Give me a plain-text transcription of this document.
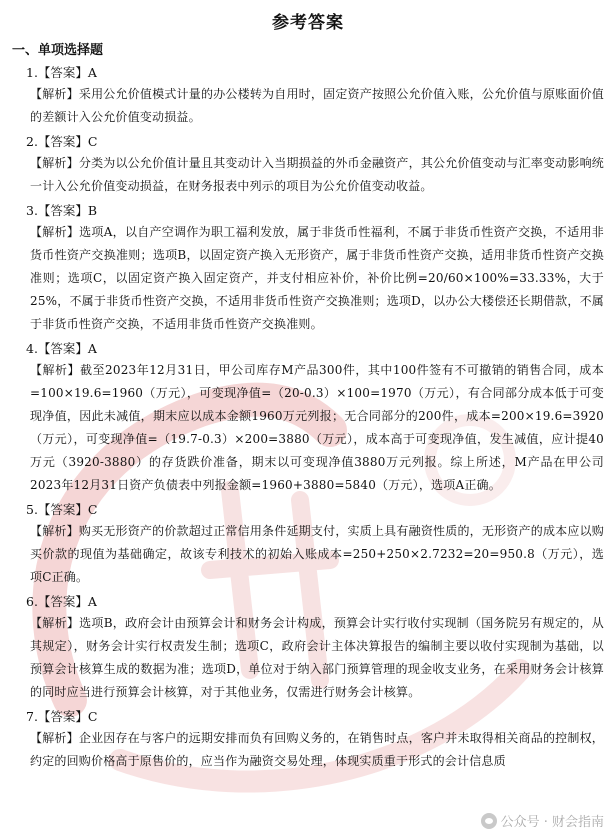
参考答案
一、单项选择题
1.【答案】A
【解析】采用公允价值模式计量的办公楼转为自用时，固定资产按照公允价值入账，公允价值与原账面价值的差额计入公允价值变动损益。
2.【答案】C
【解析】分类为以公允价值计量且其变动计入当期损益的外币金融资产，其公允价值变动与汇率变动影响统一计入公允价值变动损益，在财务报表中列示的项目为公允价值变动收益。
3.【答案】B
【解析】选项A，以自产空调作为职工福利发放，属于非货币性福利，不属于非货币性资产交换，不适用非货币性资产交换准则；选项B，以固定资产换入无形资产，属于非货币性资产交换，适用非货币性资产交换准则；选项C，以固定资产换入固定资产，并支付相应补价，补价比例=20/60×100%=33.33%，大于25%，不属于非货币性资产交换，不适用非货币性资产交换准则；选项D，以办公大楼偿还长期借款，不属于非货币性资产交换，不适用非货币性资产交换准则。
4.【答案】A
【解析】截至2023年12月31日，甲公司库存M产品300件，其中100件签有不可撤销的销售合同，成本=100×19.6=1960（万元），可变现净值=（20-0.3）×100=1970（万元），有合同部分成本低于可变现净值，因此未减值，期末应以成本金额1960万元列报；无合同部分的200件，成本=200×19.6=3920（万元），可变现净值=（19.7-0.3）×200=3880（万元），成本高于可变现净值，发生减值，应计提40万元（3920-3880）的存货跌价准备，期末以可变现净值3880万元列报。综上所述，M产品在甲公司2023年12月31日资产负债表中列报金额=1960+3880=5840（万元），选项A正确。
5.【答案】C
【解析】购买无形资产的价款超过正常信用条件延期支付，实质上具有融资性质的，无形资产的成本应以购买价款的现值为基础确定，故该专利技术的初始入账成本=250+250×2.7232=20=950.8（万元），选项C正确。
6.【答案】A
【解析】选项B，政府会计由预算会计和财务会计构成，预算会计实行收付实现制（国务院另有规定的，从其规定），财务会计实行权责发生制；选项C，政府会计主体决算报告的编制主要以收付实现制为基础，以预算会计核算生成的数据为准；选项D，单位对于纳入部门预算管理的现金收支业务，在采用财务会计核算的同时应当进行预算会计核算，对于其他业务，仅需进行财务会计核算。
7.【答案】C
【解析】企业因存在与客户的远期安排而负有回购义务的，在销售时点，客户并未取得相关商品的控制权，约定的回购价格高于原售价的，应当作为融资交易处理，体现实质重于形式的会计信息质
公众号 · 财会指南
